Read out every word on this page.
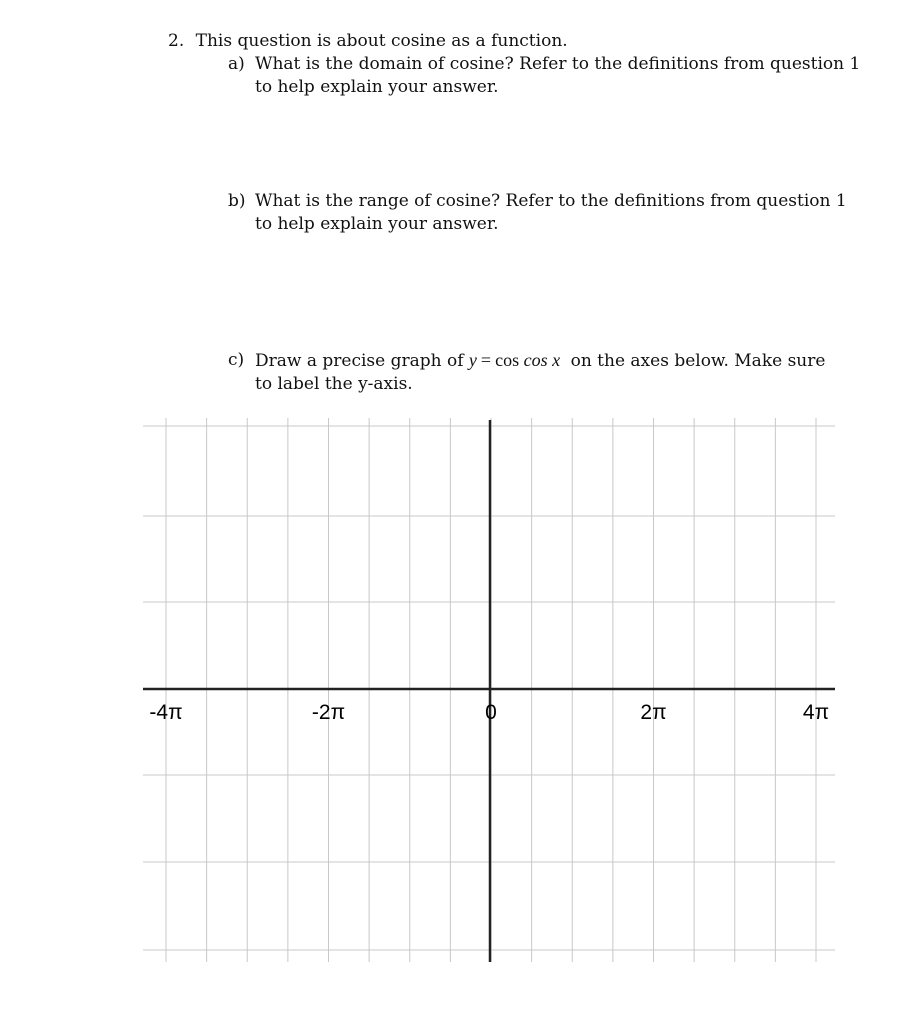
2. This question is about cosine as a function.
a) What is the domain of cosine? Refer to the definitions from question 1
to help explain your answer.
b) What is the range of cosine? Refer to the definitions from question 1
to help explain your answer.
c) Draw a precise graph of y = cos cos x on the axes below. Make sure
to label the y-axis.
-4π	-2π	0	2π	4π
